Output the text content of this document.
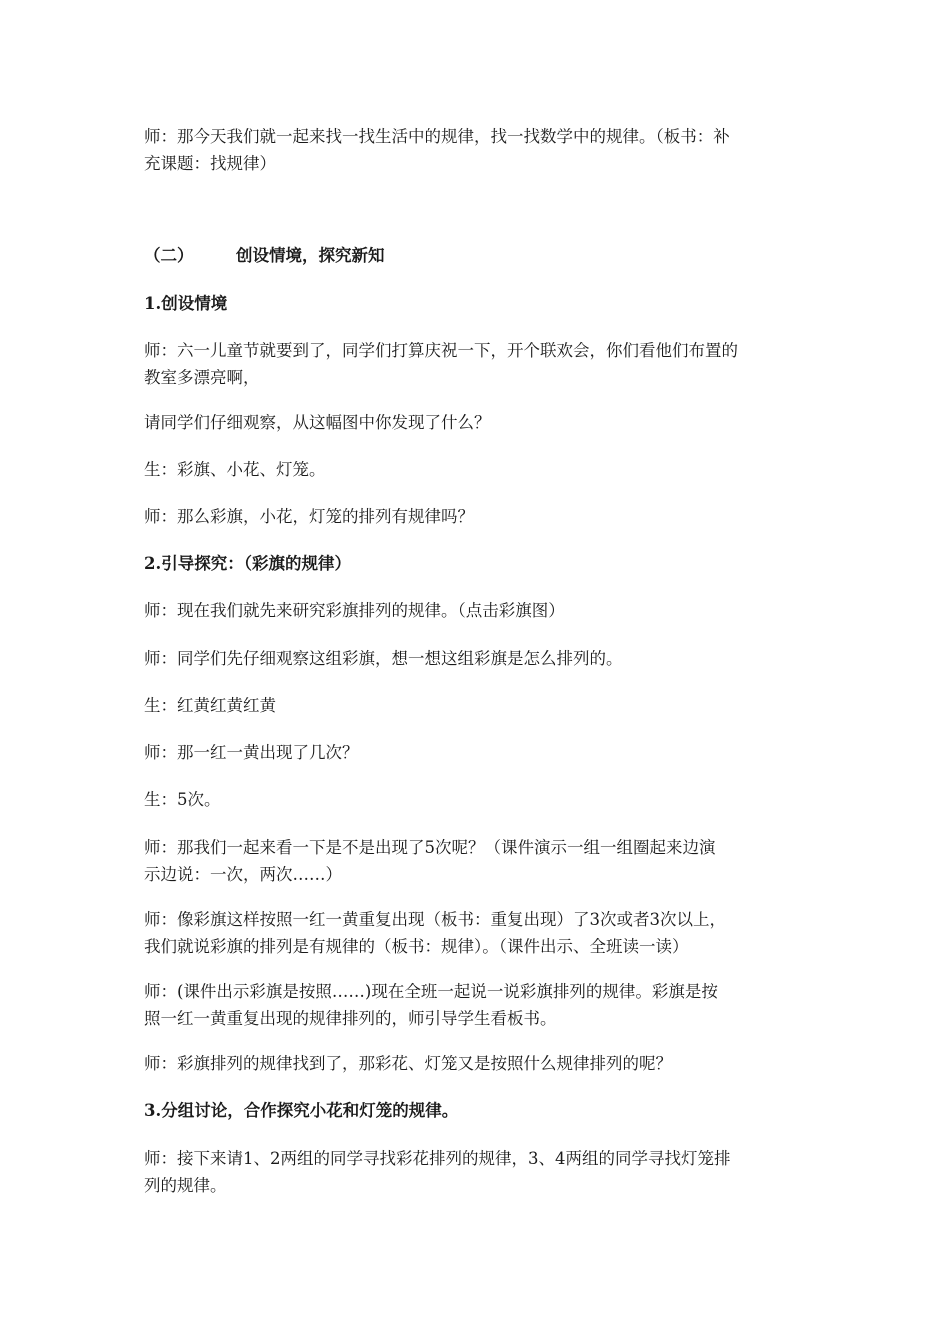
师：那今天我们就一起来找一找生活中的规律，找一找数学中的规律。（板书：补
充课题：找规律）
（二）	创设情境，探究新知
1.创设情境
师：六一儿童节就要到了，同学们打算庆祝一下，开个联欢会，你们看他们布置的
教室多漂亮啊，
请同学们仔细观察，从这幅图中你发现了什么？
生：彩旗、小花、灯笼。
师：那么彩旗，小花，灯笼的排列有规律吗？
2.引导探究：（彩旗的规律）
师：现在我们就先来研究彩旗排列的规律。（点击彩旗图）
师：同学们先仔细观察这组彩旗，想一想这组彩旗是怎么排列的。
生：红黄红黄红黄
师：那一红一黄出现了几次？
生：5次。
师：那我们一起来看一下是不是出现了5次呢？（课件演示一组一组圈起来边演
示边说：一次，两次……）
师：像彩旗这样按照一红一黄重复出现（板书：重复出现）了3次或者3次以上，
我们就说彩旗的排列是有规律的（板书：规律）。（课件出示、全班读一读）
师：(课件出示彩旗是按照……)现在全班一起说一说彩旗排列的规律。彩旗是按
照一红一黄重复出现的规律排列的，师引导学生看板书。
师：彩旗排列的规律找到了，那彩花、灯笼又是按照什么规律排列的呢？
3.分组讨论，合作探究小花和灯笼的规律。
师：接下来请1、2两组的同学寻找彩花排列的规律，3、4两组的同学寻找灯笼排
列的规律。
